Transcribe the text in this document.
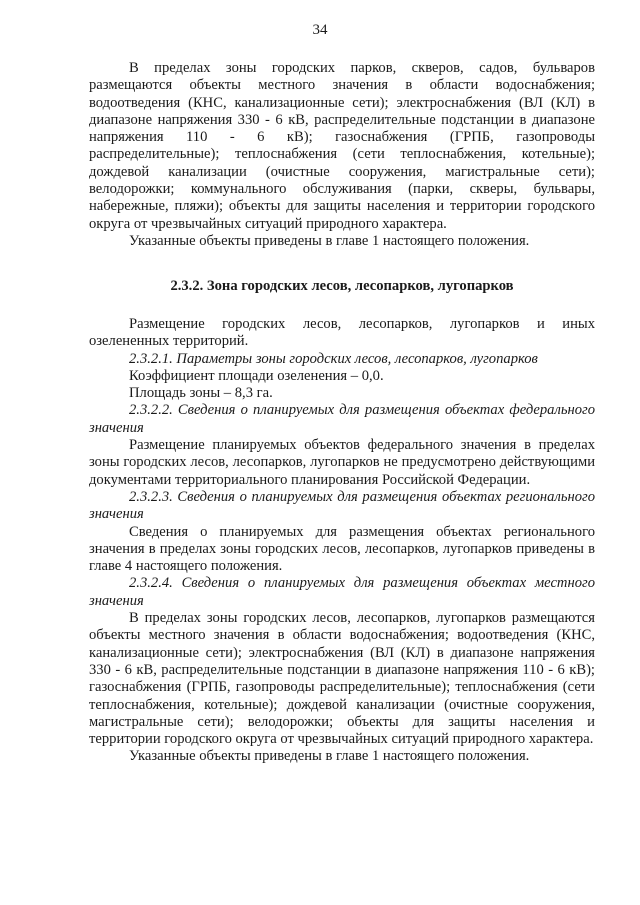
34

В пределах зоны городских парков, скверов, садов, бульваров размещаются объекты местного значения в области водоснабжения; водоотведения (КНС, канализационные сети); электроснабжения (ВЛ (КЛ) в диапазоне напряжения 330 - 6 кВ, распределительные подстанции в диапазоне напряжения 110 - 6 кВ); газоснабжения (ГРПБ, газопроводы распределительные); теплоснабжения (сети теплоснабжения, котельные); дождевой канализации (очистные сооружения, магистральные сети); велодорожки; коммунального обслуживания (парки, скверы, бульвары, набережные, пляжи); объекты для защиты населения и территории городского округа от чрезвычайных ситуаций природного характера.

Указанные объекты приведены в главе 1 настоящего положения.

2.3.2. Зона городских лесов, лесопарков, лугопарков

Размещение городских лесов, лесопарков, лугопарков и иных озелененных территорий.

2.3.2.1. Параметры зоны городских лесов, лесопарков, лугопарков

Коэффициент площади озеленения – 0,0.

Площадь зоны – 8,3 га.

2.3.2.2. Сведения о планируемых для размещения объектах федерального значения

Размещение планируемых объектов федерального значения в пределах зоны городских лесов, лесопарков, лугопарков не предусмотрено действующими документами территориального планирования Российской Федерации.

2.3.2.3. Сведения о планируемых для размещения объектах регионального значения

Сведения о планируемых для размещения объектах регионального значения в пределах зоны городских лесов, лесопарков, лугопарков приведены в главе 4 настоящего положения.

2.3.2.4. Сведения о планируемых для размещения объектах местного значения

В пределах зоны городских лесов, лесопарков, лугопарков размещаются объекты местного значения в области водоснабжения; водоотведения (КНС, канализационные сети); электроснабжения (ВЛ (КЛ) в диапазоне напряжения 330 - 6 кВ, распределительные подстанции в диапазоне напряжения 110 - 6 кВ); газоснабжения (ГРПБ, газопроводы распределительные); теплоснабжения (сети теплоснабжения, котельные); дождевой канализации (очистные сооружения, магистральные сети); велодорожки; объекты для защиты населения и территории городского округа от чрезвычайных ситуаций природного характера.

Указанные объекты приведены в главе 1 настоящего положения.
